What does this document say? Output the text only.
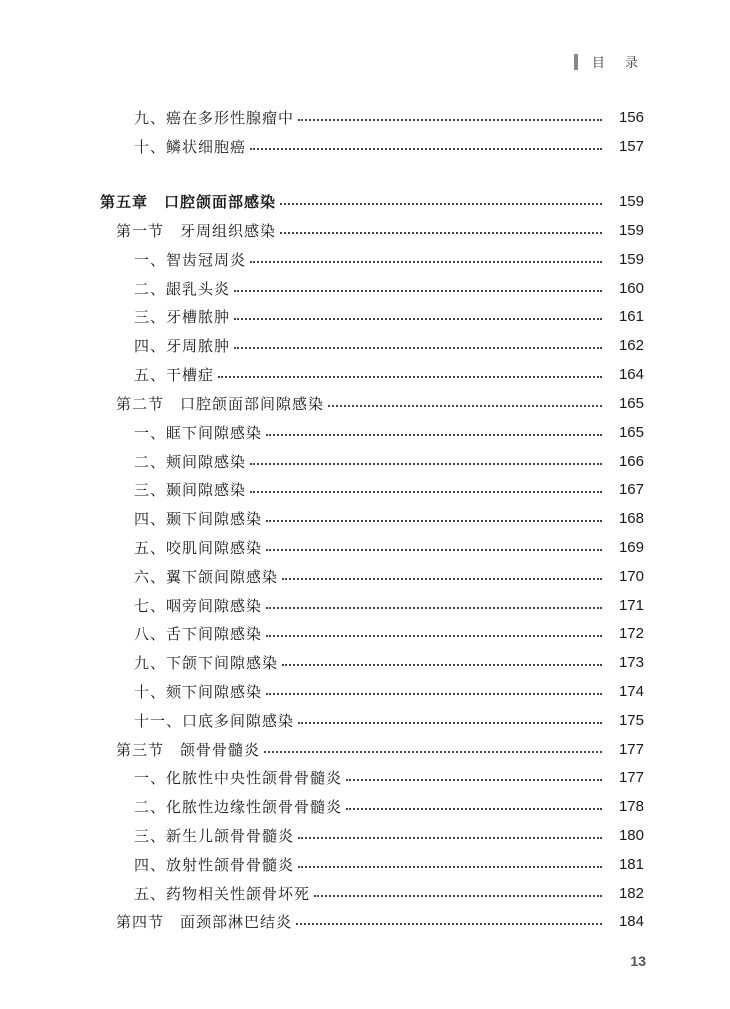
目 录
九、癌在多形性腺瘤中	156
十、鳞状细胞癌	157
第五章　口腔颌面部感染	159
第一节　牙周组织感染	159
一、智齿冠周炎	159
二、龈乳头炎	160
三、牙槽脓肿	161
四、牙周脓肿	162
五、干槽症	164
第二节　口腔颌面部间隙感染	165
一、眶下间隙感染	165
二、颊间隙感染	166
三、颞间隙感染	167
四、颞下间隙感染	168
五、咬肌间隙感染	169
六、翼下颌间隙感染	170
七、咽旁间隙感染	171
八、舌下间隙感染	172
九、下颌下间隙感染	173
十、颏下间隙感染	174
十一、口底多间隙感染	175
第三节　颌骨骨髓炎	177
一、化脓性中央性颌骨骨髓炎	177
二、化脓性边缘性颌骨骨髓炎	178
三、新生儿颌骨骨髓炎	180
四、放射性颌骨骨髓炎	181
五、药物相关性颌骨坏死	182
第四节　面颈部淋巴结炎	184
13
